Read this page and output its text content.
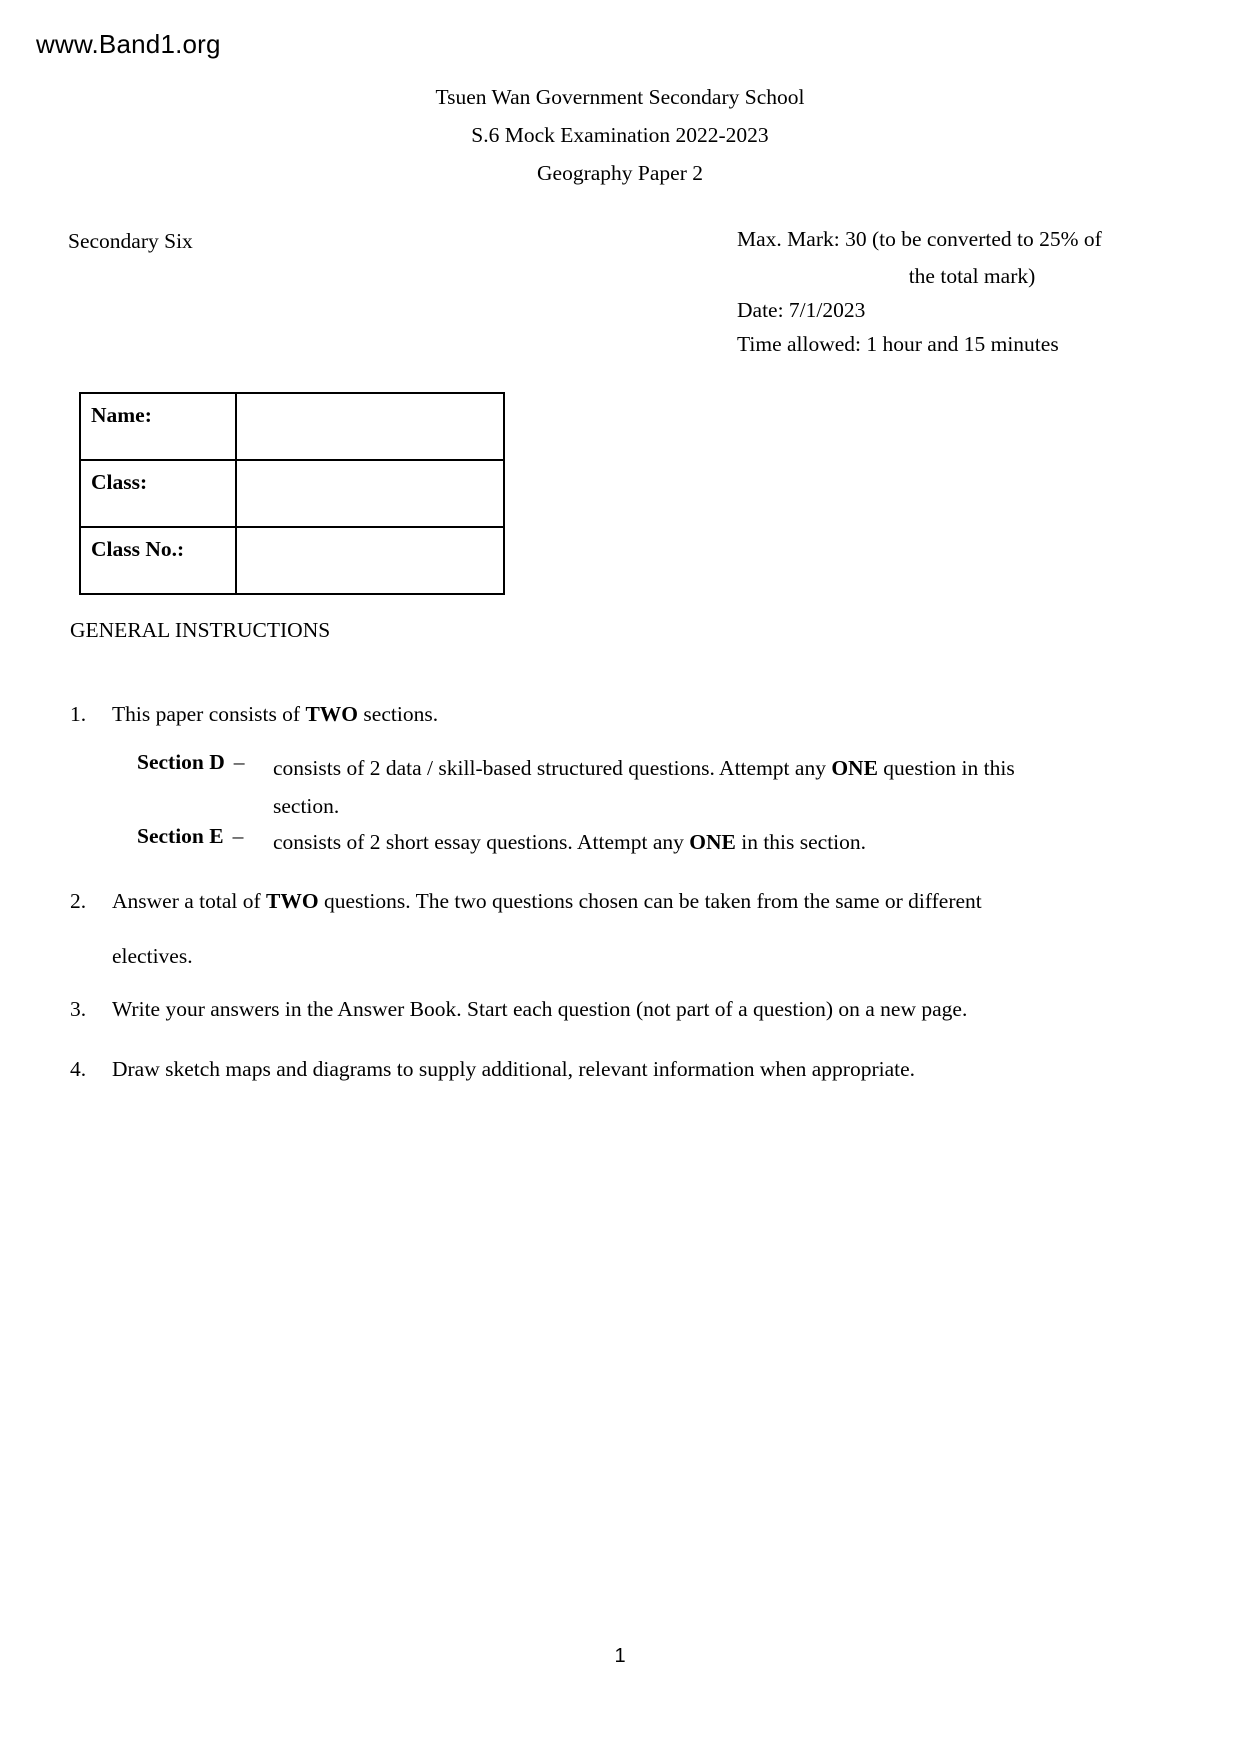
www.Band1.org
Tsuen Wan Government Secondary School
S.6 Mock Examination 2022-2023
Geography Paper 2
Secondary Six	Max. Mark: 30 (to be converted to 25% of
the total mark)
Date: 7/1/2023
Time allowed: 1 hour and 15 minutes
Name:	
Class:	
Class No.:	
GENERAL INSTRUCTIONS
1. This paper consists of TWO sections.
Section D –	consists of 2 data / skill-based structured questions. Attempt any ONE question in this
section.
Section E –	consists of 2 short essay questions. Attempt any ONE in this section.
2. Answer a total of TWO questions. The two questions chosen can be taken from the same or different
electives.
3. Write your answers in the Answer Book. Start each question (not part of a question) on a new page.
4. Draw sketch maps and diagrams to supply additional, relevant information when appropriate.
1
